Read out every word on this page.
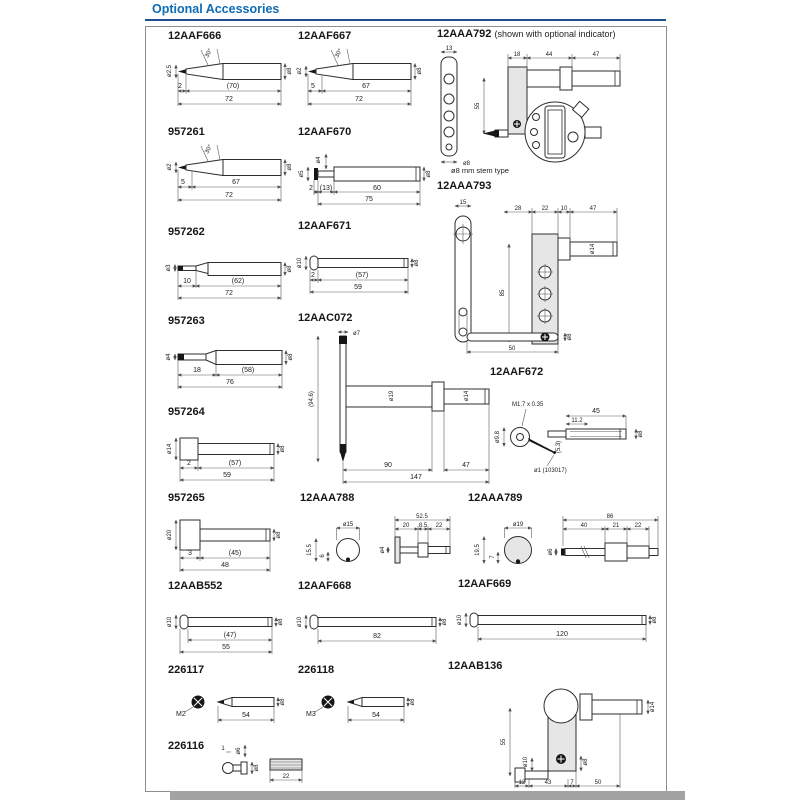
Optional Accessories
12AAF666
ø2.5
30°
ø8
2	(70)
72
12AAF667
ø2
30°
ø8
5	67
72
12AAA792 (shown with optional indicator)
13
ø8
18	44	47
55
ø8 mm stem type
957261
ø2
30°
ø8
5	67
72
12AAF670
ø4
ø5	ø8
2 (13)	60
75
12AAA793
15
ø14
28	22 10	47
85
ø8
50
957262
ø3	ø8
10	(62)
72
12AAF671
ø10	ø8
2	(57)
59
957263
ø4	ø8
18	(58)
76
12AAC072
ø7
(94.6)	ø19	ø14
90	47
147
12AAF672
M1.7 x 0.35
ø9.8
ø1 (103017)
(5.3)
45
11.2
ø8
957264
ø14	ø8
2	(57)
59
957265
ø20	ø8
3	(45)
48
12AAA788
ø15
15.5
6
52.5
20 8.5 22
ø4
12AAA789
ø19
19.5
7
86
40	21	22
ø6
12AAB552
ø10	ø8
(47)
55
12AAF668
ø10	ø8
82
12AAF669
ø10	ø8
120
226117
M2	54
ø8
226118
M3	54
ø8
12AAB136
ø14
55
ø10	ø8
12	43	7	50
226116	1 ø6
ø8
22
